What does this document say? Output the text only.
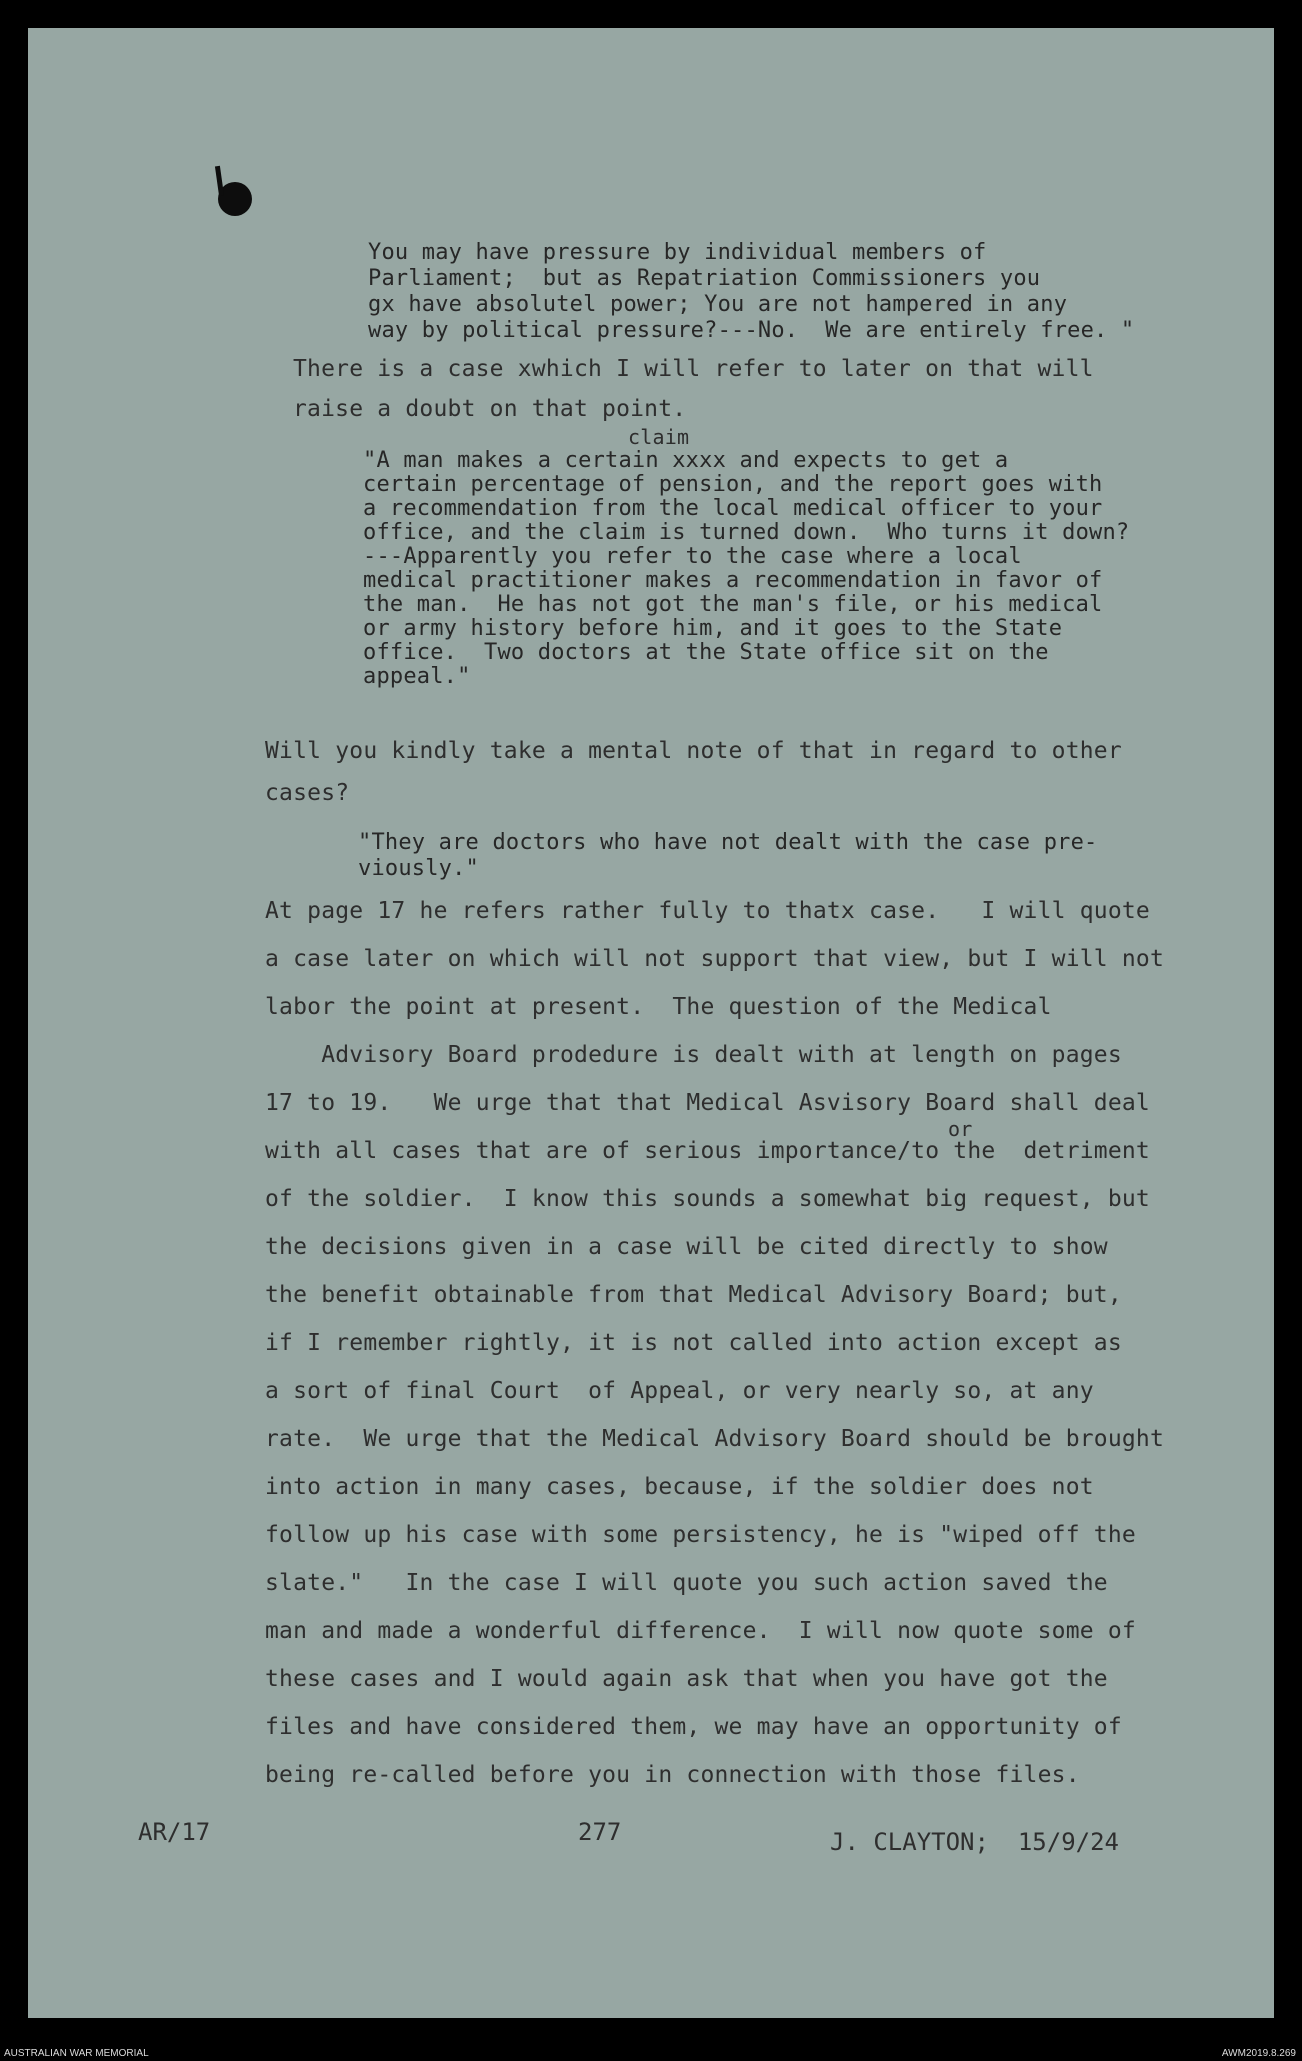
You may have pressure by individual members of
Parliament;  but as Repatriation Commissioners you
gx have absolutel power; You are not hampered in any
way by political pressure?---No.  We are entirely free. "
There is a case xwhich I will refer to later on that will
raise a doubt on that point.
claim
"A man makes a certain xxxx and expects to get a
certain percentage of pension, and the report goes with
a recommendation from the local medical officer to your
office, and the claim is turned down.  Who turns it down?
---Apparently you refer to the case where a local
medical practitioner makes a recommendation in favor of
the man.  He has not got the man's file, or his medical
or army history before him, and it goes to the State
office.  Two doctors at the State office sit on the
appeal."
Will you kindly take a mental note of that in regard to other
cases?
"They are doctors who have not dealt with the case pre-
viously."
At page 17 he refers rather fully to thatx case.   I will quote
a case later on which will not support that view, but I will not
labor the point at present.  The question of the Medical
Advisory Board prodedure is dealt with at length on pages
17 to 19.   We urge that that Medical Asvisory Board shall deal
or
with all cases that are of serious importance/to the  detriment
of the soldier.  I know this sounds a somewhat big request, but
the decisions given in a case will be cited directly to show
the benefit obtainable from that Medical Advisory Board; but,
if I remember rightly, it is not called into action except as
a sort of final Court  of Appeal, or very nearly so, at any
rate.  We urge that the Medical Advisory Board should be brought
into action in many cases, because, if the soldier does not
follow up his case with some persistency, he is "wiped off the
slate."   In the case I will quote you such action saved the
man and made a wonderful difference.  I will now quote some of
these cases and I would again ask that when you have got the
files and have considered them, we may have an opportunity of
being re-called before you in connection with those files.
AR/17	277	J. CLAYTON;  15/9/24
AUSTRALIAN WAR MEMORIAL	AWM2019.8.269
